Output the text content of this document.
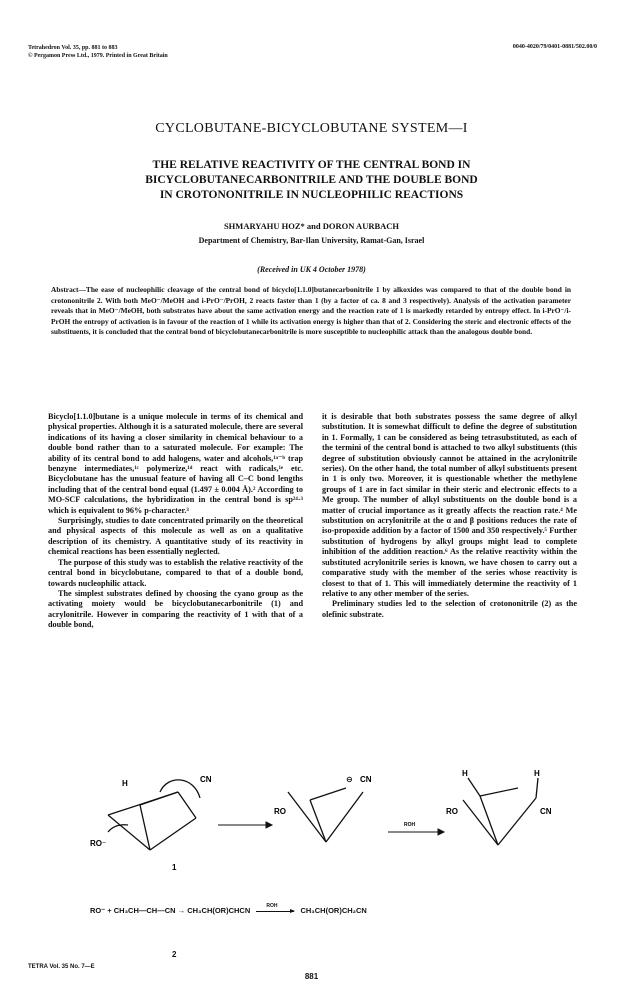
Tetrahedron Vol. 35, pp. 881 to 883
© Pergamon Press Ltd., 1979. Printed in Great Britain
0040-4020/79/0401-0881/502.00/0
CYCLOBUTANE-BICYCLOBUTANE SYSTEM—I
THE RELATIVE REACTIVITY OF THE CENTRAL BOND IN
BICYCLOBUTANECARBONITRILE AND THE DOUBLE BOND
IN CROTONONITRILE IN NUCLEOPHILIC REACTIONS
SHMARYAHU HOZ* and DORON AURBACH
Department of Chemistry, Bar-Ilan University, Ramat-Gan, Israel
(Received in UK 4 October 1978)
Abstract—The ease of nucleophilic cleavage of the central bond of bicyclo[1.1.0]butanecarbonitrile 1 by alkoxides was compared to that of the double bond in crotononitrile 2. With both MeO⁻/MeOH and i-PrO⁻/PrOH, 2 reacts faster than 1 (by a factor of ca. 8 and 3 respectively). Analysis of the activation parameter reveals that in MeO⁻/MeOH, both substrates have about the same activation energy and the reaction rate of 1 is markedly retarded by entropy effect. In i-PrO⁻/i-PrOH the entropy of activation is in favour of the reaction of 1 while its activation energy is higher than that of 2. Considering the steric and electronic effects of the substituents, it is concluded that the central bond of bicyclobutanecarbonitrile is more susceptible to nucleophilic attack than the analogous double bond.

Bicyclo[1.1.0]butane is a unique molecule in terms of its chemical and physical properties. Although it is a saturated molecule, there are several indications of its having a closer similarity in chemical behaviour to a double bond rather than to a saturated molecule. For example: The ability of its central bond to add halogens, water and alcohols,¹ᵃ⁻ᵇ trap benzyne intermediates,¹ᶜ polymerize,¹ᵈ react with radicals,¹ᵉ etc. Bicyclobutane has the unusual feature of having all C–C bond lengths including that of the central bond equal (1.497 ± 0.004 Å).² According to MO-SCF calculations, the hybridization in the central bond is sp²⁴·³ which is equivalent to 96% p-character.³

Surprisingly, studies to date concentrated primarily on the theoretical and physical aspects of this molecule as well as on a qualitative description of its chemistry. A quantitative study of its reactivity in chemical reactions has been essentially neglected.

The purpose of this study was to establish the relative reactivity of the central bond in bicyclobutane, compared to that of a double bond, towards nucleophilic attack.

The simplest substrates defined by choosing the cyano group as the activating moiety would be bicyclobutanecarbonitrile (1) and acrylonitrile. However in comparing the reactivity of 1 with that of a double bond,

it is desirable that both substrates possess the same degree of alkyl substitution. It is somewhat difficult to define the degree of substitution in 1. Formally, 1 can be considered as being tetrasubstituted, as each of the termini of the central bond is attached to two alkyl substituents (this degree of substitution obviously cannot be attained in the acrylonitrile series). On the other hand, the total number of alkyl substituents present in 1 is only two. Moreover, it is questionable whether the methylene groups of 1 are in fact similar in their steric and electronic effects to a Me group. The number of alkyl substituents on the double bond is a matter of crucial importance as it greatly affects the reaction rate.⁴ Me substitution on acrylonitrile at the α and β positions reduces the rate of iso-propoxide addition by a factor of 1500 and 350 respectively.⁵ Further substitution of hydrogens by alkyl groups might lead to complete inhibition of the addition reaction.⁶ As the relative reactivity within the substituted acrylonitrile series is known, we have chosen to carry out a comparative study with the member of the series whose reactivity is closest to that of 1. This will immediately determine the reactivity of 1 relative to any other member of the series.

Preliminary studies led to the selection of crotononitrile (2) as the olefinic substrate.

H	CN
RO⁻
1
RO
⊖ CN
ROH
H	H
RO	CN
RO⁻ + CH₃CH—CH—CN → CH₃CH(OR)CHCN
ROH
CH₃CH(OR)CH₂CN
2
TETRA Vol. 35 No. 7—E
881
